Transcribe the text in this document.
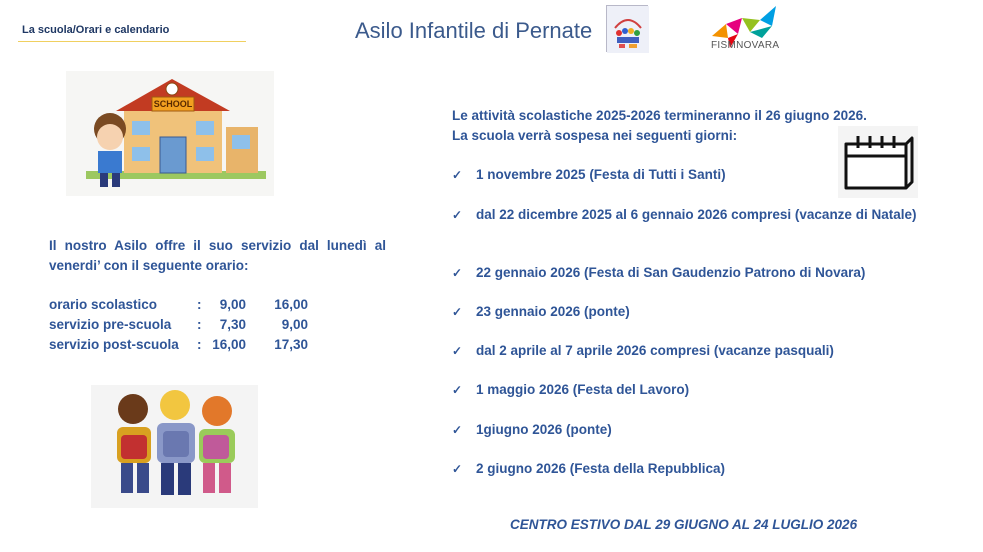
La scuola/Orari e calendario	Asilo Infantile di Pernate
FISMNOVARA
SCHOOL
Il nostro Asilo offre il suo servizio dal lunedì al venerdi’ con il seguente orario:
orario scolastico	:	9,00	16,00
servizio pre-scuola :	7,30	9,00
servizio post-scuola : 16,00	17,30
Le attività scolastiche 2025-2026 termineranno il 26 giugno 2026.
La scuola verrà sospesa nei seguenti giorni:
✓	1 novembre 2025 (Festa di Tutti i Santi)
✓	dal 22 dicembre 2025 al 6 gennaio 2026 compresi (vacanze di Natale)
✓	22 gennaio 2026 (Festa di San Gaudenzio Patrono di Novara)
✓	23 gennaio 2026 (ponte)
✓	dal 2 aprile al 7 aprile 2026 compresi (vacanze pasquali)
✓	1 maggio 2026 (Festa del Lavoro)
✓	1giugno 2026 (ponte)
✓	2 giugno 2026 (Festa della Repubblica)
CENTRO ESTIVO DAL 29 GIUGNO AL 24 LUGLIO 2026
